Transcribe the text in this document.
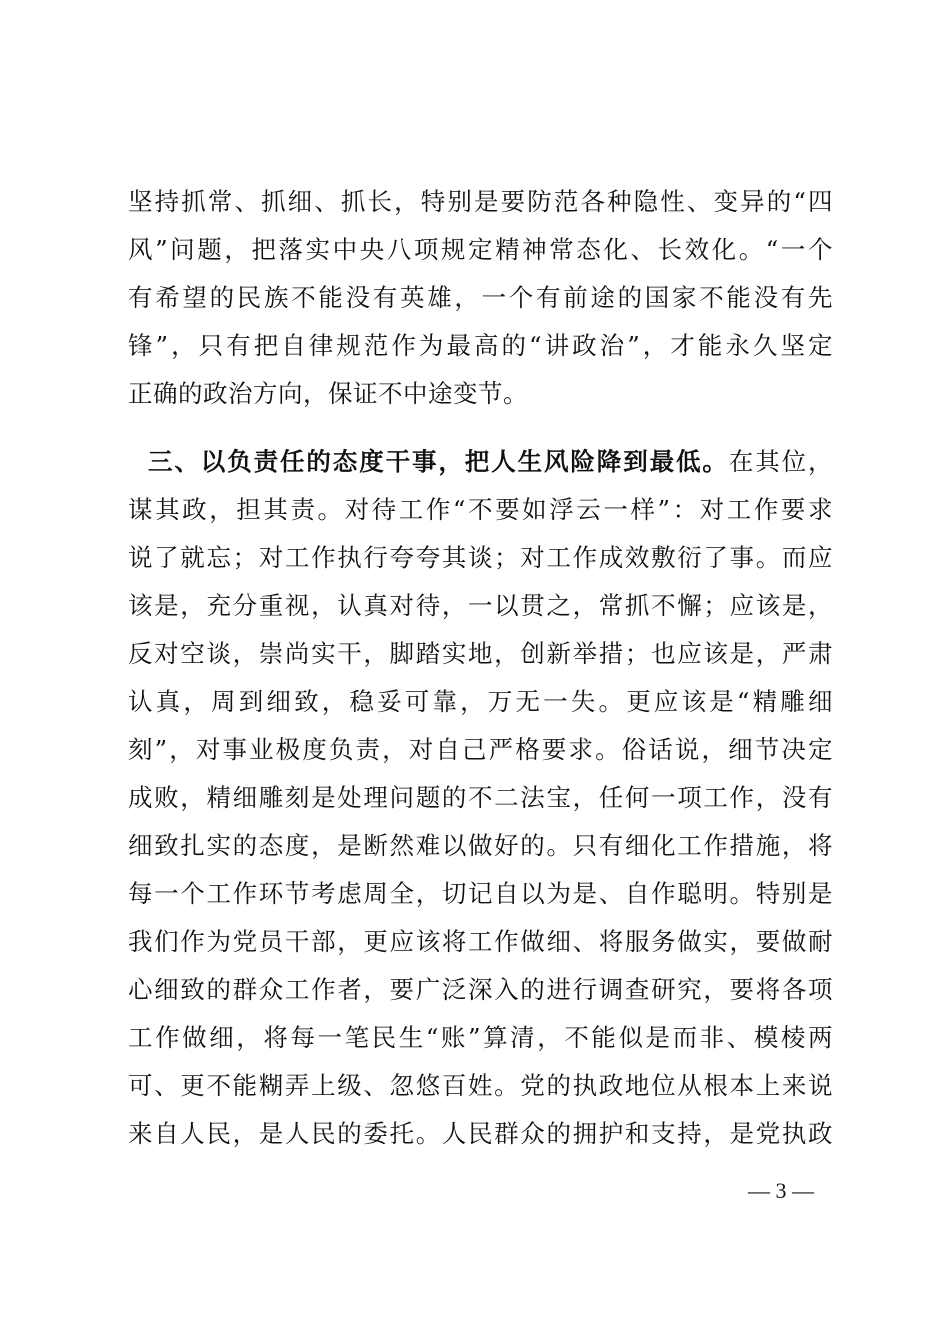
坚持抓常、抓细、抓长，特别是要防范各种隐性、变异的“四
风”问题，把落实中央八项规定精神常态化、长效化。“一个
有希望的民族不能没有英雄，一个有前途的国家不能没有先
锋”，只有把自律规范作为最高的“讲政治”，才能永久坚定
正确的政治方向，保证不中途变节。
三、以负责任的态度干事，把人生风险降到最低。在其位，
谋其政，担其责。对待工作“不要如浮云一样”：对工作要求
说了就忘；对工作执行夸夸其谈；对工作成效敷衍了事。而应
该是，充分重视，认真对待，一以贯之，常抓不懈；应该是，
反对空谈，崇尚实干，脚踏实地，创新举措；也应该是，严肃
认真，周到细致，稳妥可靠，万无一失。更应该是“精雕细
刻”，对事业极度负责，对自己严格要求。俗话说，细节决定
成败，精细雕刻是处理问题的不二法宝，任何一项工作，没有
细致扎实的态度，是断然难以做好的。只有细化工作措施，将
每一个工作环节考虑周全，切记自以为是、自作聪明。特别是
我们作为党员干部，更应该将工作做细、将服务做实，要做耐
心细致的群众工作者，要广泛深入的进行调查研究，要将各项
工作做细，将每一笔民生“账”算清，不能似是而非、模棱两
可、更不能糊弄上级、忽悠百姓。党的执政地位从根本上来说
来自人民，是人民的委托。人民群众的拥护和支持，是党执政
— 3 —
